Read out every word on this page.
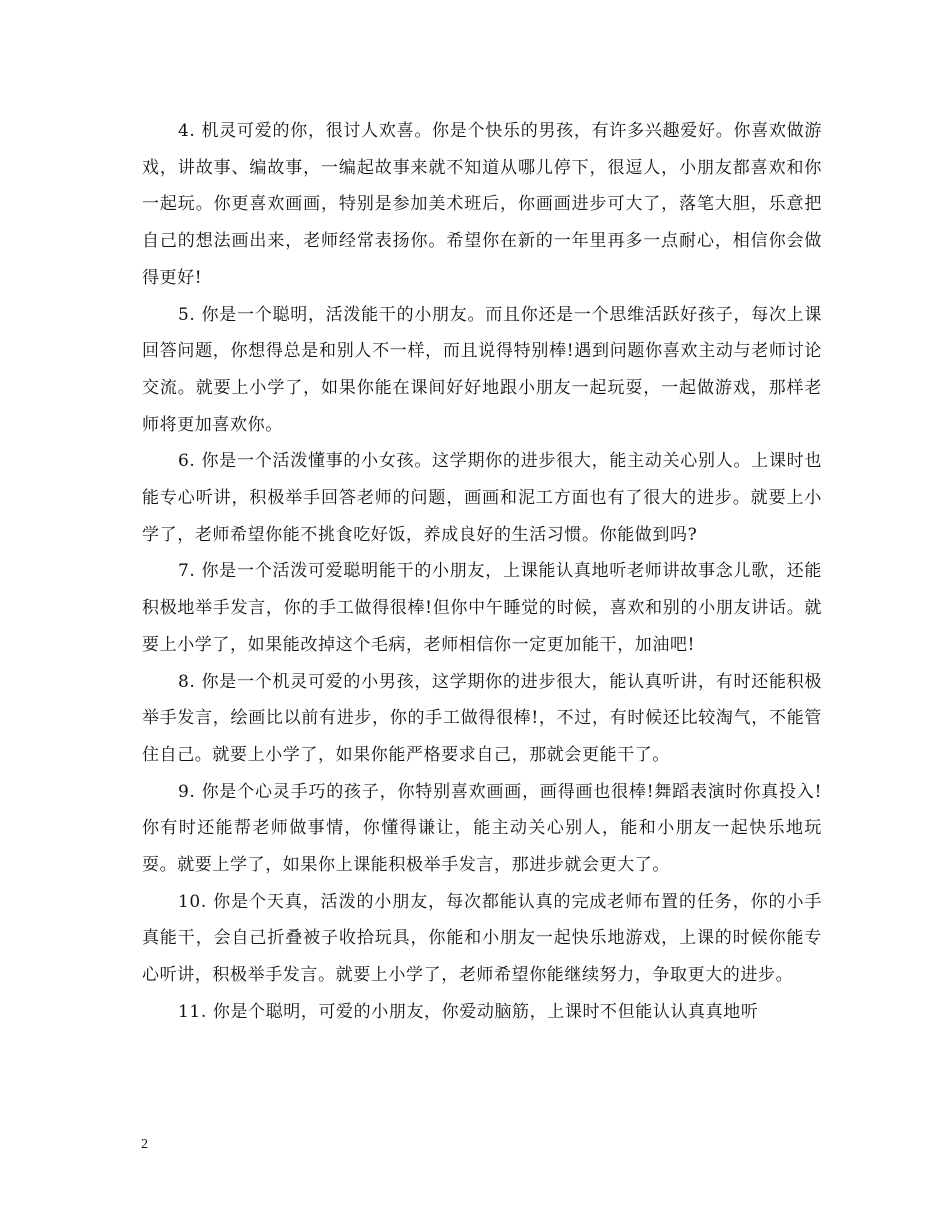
4. 机灵可爱的你，很讨人欢喜。你是个快乐的男孩，有许多兴趣爱好。你喜欢做游戏，讲故事、编故事，一编起故事来就不知道从哪儿停下，很逗人，小朋友都喜欢和你一起玩。你更喜欢画画，特别是参加美术班后，你画画进步可大了，落笔大胆，乐意把自己的想法画出来，老师经常表扬你。希望你在新的一年里再多一点耐心，相信你会做得更好!

5. 你是一个聪明，活泼能干的小朋友。而且你还是一个思维活跃好孩子，每次上课回答问题，你想得总是和别人不一样，而且说得特别棒!遇到问题你喜欢主动与老师讨论交流。就要上小学了，如果你能在课间好好地跟小朋友一起玩耍，一起做游戏，那样老师将更加喜欢你。

6. 你是一个活泼懂事的小女孩。这学期你的进步很大，能主动关心别人。上课时也能专心听讲，积极举手回答老师的问题，画画和泥工方面也有了很大的进步。就要上小学了，老师希望你能不挑食吃好饭，养成良好的生活习惯。你能做到吗?

7. 你是一个活泼可爱聪明能干的小朋友，上课能认真地听老师讲故事念儿歌，还能积极地举手发言，你的手工做得很棒!但你中午睡觉的时候，喜欢和别的小朋友讲话。就要上小学了，如果能改掉这个毛病，老师相信你一定更加能干，加油吧!

8. 你是一个机灵可爱的小男孩，这学期你的进步很大，能认真听讲，有时还能积极举手发言，绘画比以前有进步，你的手工做得很棒!，不过，有时候还比较淘气，不能管住自己。就要上小学了，如果你能严格要求自己，那就会更能干了。

9. 你是个心灵手巧的孩子，你特别喜欢画画，画得画也很棒!舞蹈表演时你真投入!你有时还能帮老师做事情，你懂得谦让，能主动关心别人，能和小朋友一起快乐地玩耍。就要上学了，如果你上课能积极举手发言，那进步就会更大了。

10. 你是个天真，活泼的小朋友，每次都能认真的完成老师布置的任务，你的小手真能干，会自己折叠被子收拾玩具，你能和小朋友一起快乐地游戏，上课的时候你能专心听讲，积极举手发言。就要上小学了，老师希望你能继续努力，争取更大的进步。

11. 你是个聪明，可爱的小朋友，你爱动脑筋，上课时不但能认认真真地听

2
